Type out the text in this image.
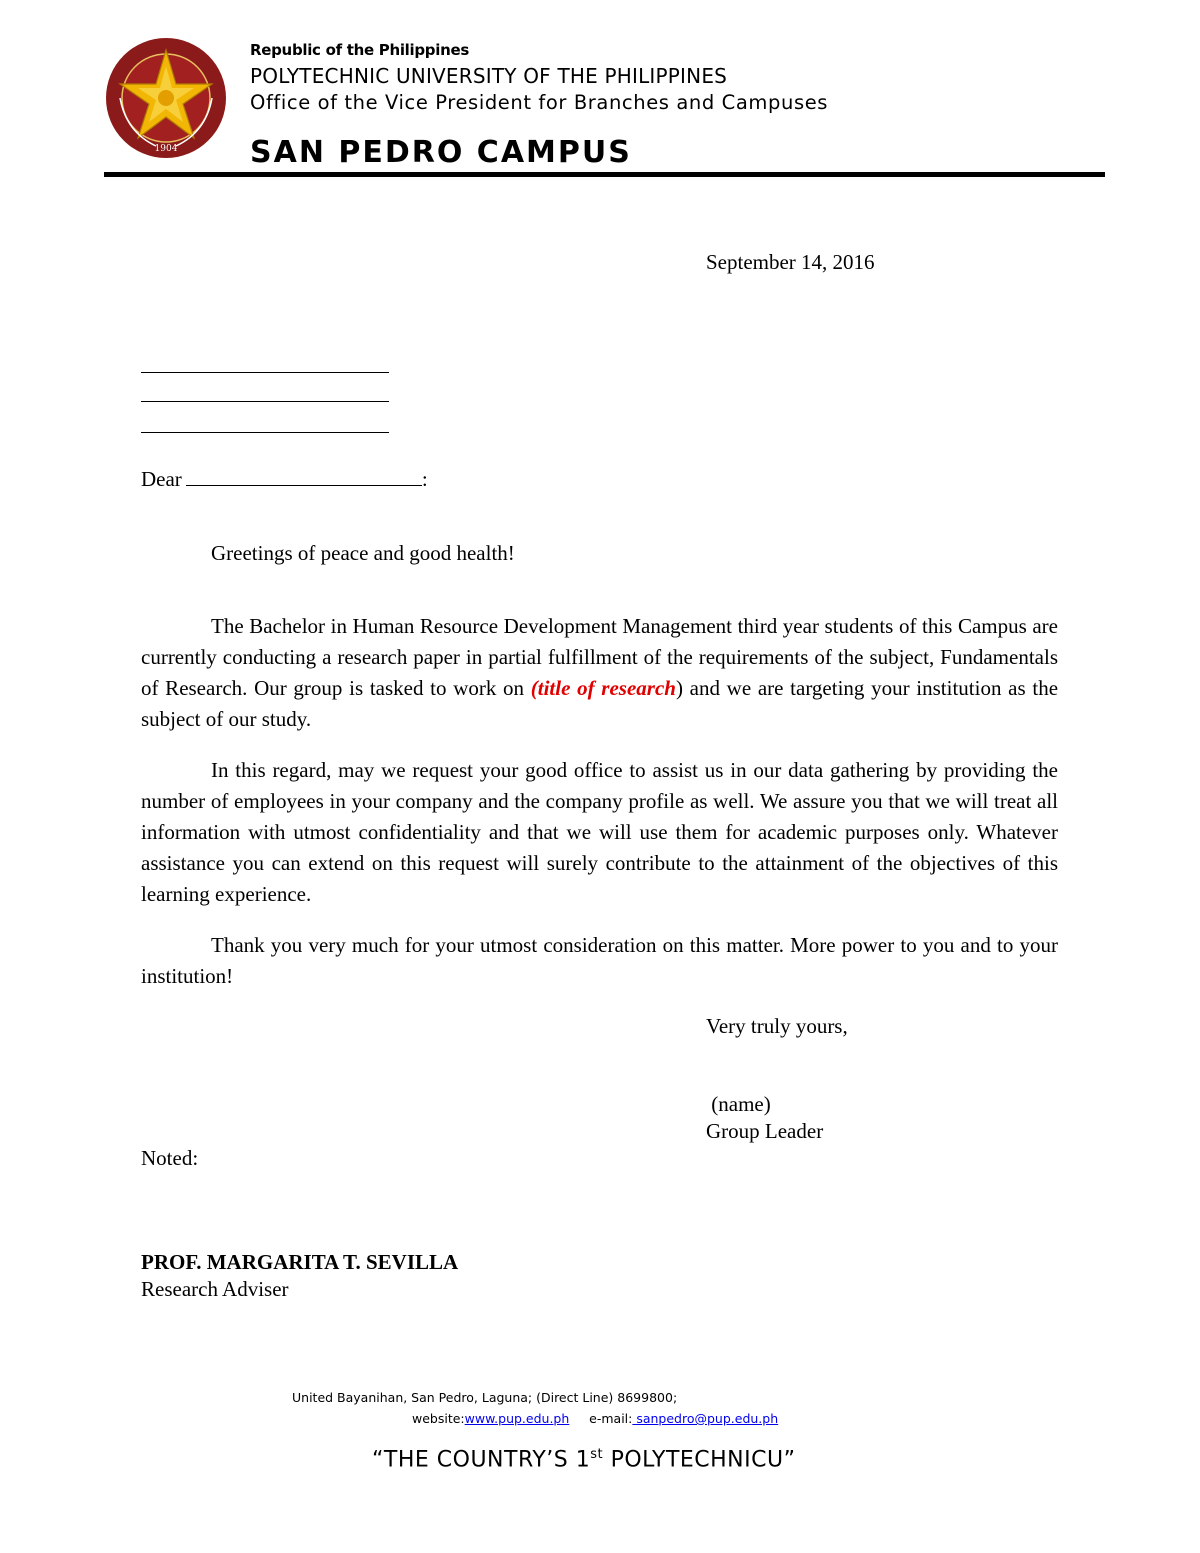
1904
Republic of the Philippines
POLYTECHNIC UNIVERSITY OF THE PHILIPPINES
Office of the Vice President for Branches and Campuses
SAN PEDRO CAMPUS
September 14, 2016
Dear	:
Greetings of peace and good health!
The Bachelor in Human Resource Development Management third year students of this Campus are currently conducting a research paper in partial fulfillment of the requirements of the subject, Fundamentals of Research. Our group is tasked to work on (title of research) and we are targeting your institution as the subject of our study.
In this regard, may we request your good office to assist us in our data gathering by providing the number of employees in your company and the company profile as well. We assure you that we will treat all information with utmost confidentiality and that we will use them for academic purposes only. Whatever assistance you can extend on this request will surely contribute to the attainment of the objectives of this learning experience.
Thank you very much for your utmost consideration on this matter. More power to you and to your institution!
Very truly yours,
(name)
Group Leader
Noted:
PROF. MARGARITA T. SEVILLA
Research Adviser
United Bayanihan, San Pedro, Laguna; (Direct Line) 8699800;
website:www.pup.edu.ph e-mail: sanpedro@pup.edu.ph
“THE COUNTRY’S 1st POLYTECHNICU”
